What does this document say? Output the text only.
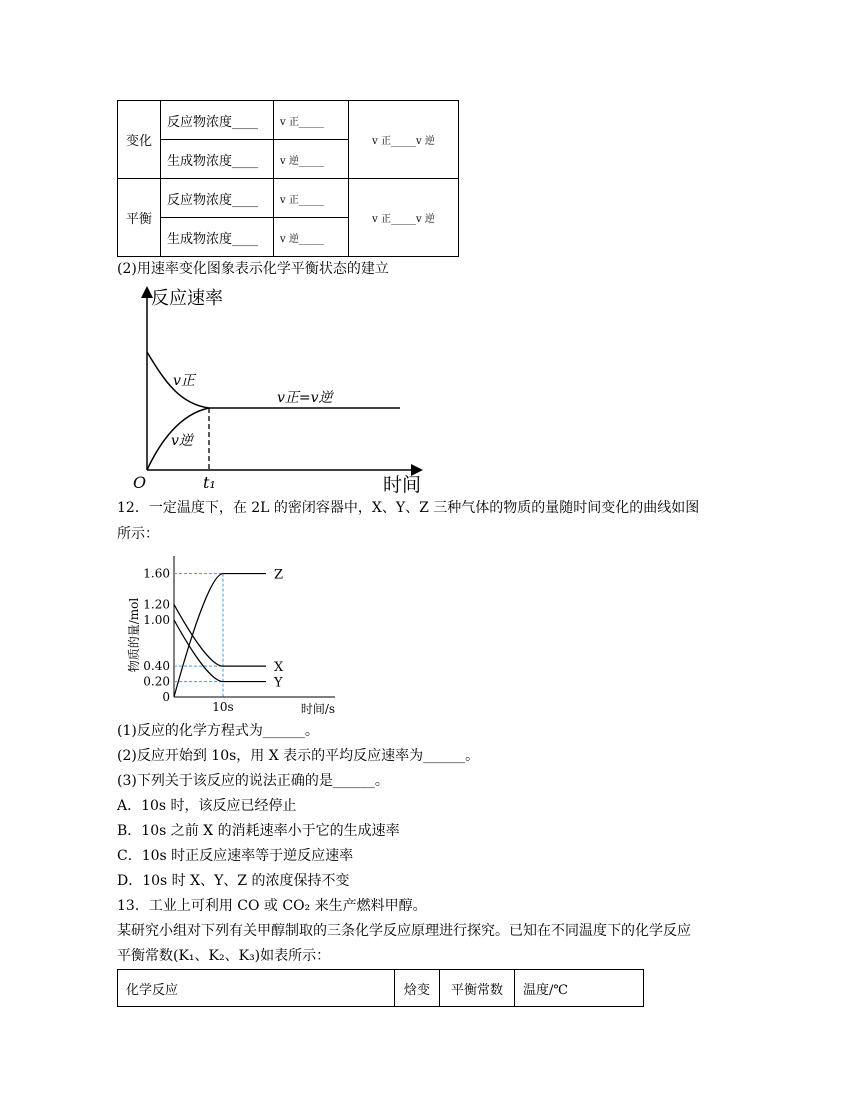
变化	反应物浓度____	v 正_____	v 正_____v 逆
	生成物浓度____	v 逆_____	
平衡	反应物浓度____	v 正_____	v 正_____v 逆
	生成物浓度____	v 逆_____	
(2)用速率变化图象表示化学平衡状态的建立
反应速率
时间
O	t₁
v正
v逆
v正=v逆
12．一定温度下，在 2L 的密闭容器中，X、Y、Z 三种气体的物质的量随时间变化的曲线如图
所示：
物质的量/mol
时间/s
1.60
1.20
1.00
0.40
0.20
0
10s
Z
X
Y
(1)反应的化学方程式为______。
(2)反应开始到 10s，用 X 表示的平均反应速率为______。
(3)下列关于该反应的说法正确的是______。
A．10s 时，该反应已经停止
B．10s 之前 X 的消耗速率小于它的生成速率
C．10s 时正反应速率等于逆反应速率
D．10s 时 X、Y、Z 的浓度保持不变
13．工业上可利用 CO 或 CO₂ 来生产燃料甲醇。
某研究小组对下列有关甲醇制取的三条化学反应原理进行探究。已知在不同温度下的化学反应
平衡常数(K₁、K₂、K₃)如表所示：
化学反应	焓变	平衡常数	温度/℃
